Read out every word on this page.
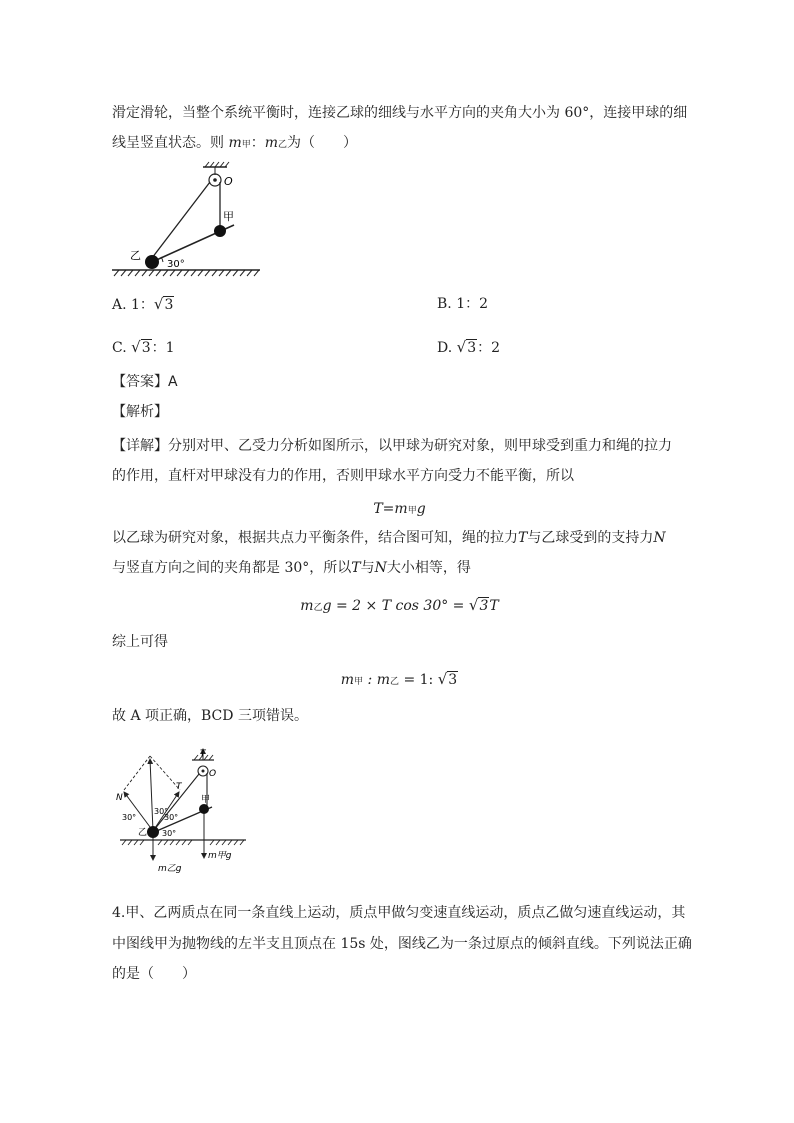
滑定滑轮，当整个系统平衡时，连接乙球的细线与水平方向的夹角大小为 60°，连接甲球的细
线呈竖直状态。则 m甲：m乙为（　　）
O
甲
乙
30°
A. 1：√3	B. 1：2
C. √3：1	D. √3：2
【答案】A
【解析】
【详解】分别对甲、乙受力分析如图所示，以甲球为研究对象，则甲球受到重力和绳的拉力
的作用，直杆对甲球没有力的作用，否则甲球水平方向受力不能平衡，所以
T=m甲g
以乙球为研究对象，根据共点力平衡条件，结合图可知，绳的拉力T与乙球受到的支持力N
与竖直方向之间的夹角都是 30°，所以T与N大小相等，得
m乙g = 2 × T cos 30° = √3T
综上可得
m甲 : m乙 = 1: √3
故 A 项正确，BCD 三项错误。
T
O
N
T
甲
乙
30°
30°
30°
30°
m乙g
m甲g
4.甲、乙两质点在同一条直线上运动，质点甲做匀变速直线运动，质点乙做匀速直线运动，其
中图线甲为抛物线的左半支且顶点在 15s 处，图线乙为一条过原点的倾斜直线。下列说法正确
的是（　　）
